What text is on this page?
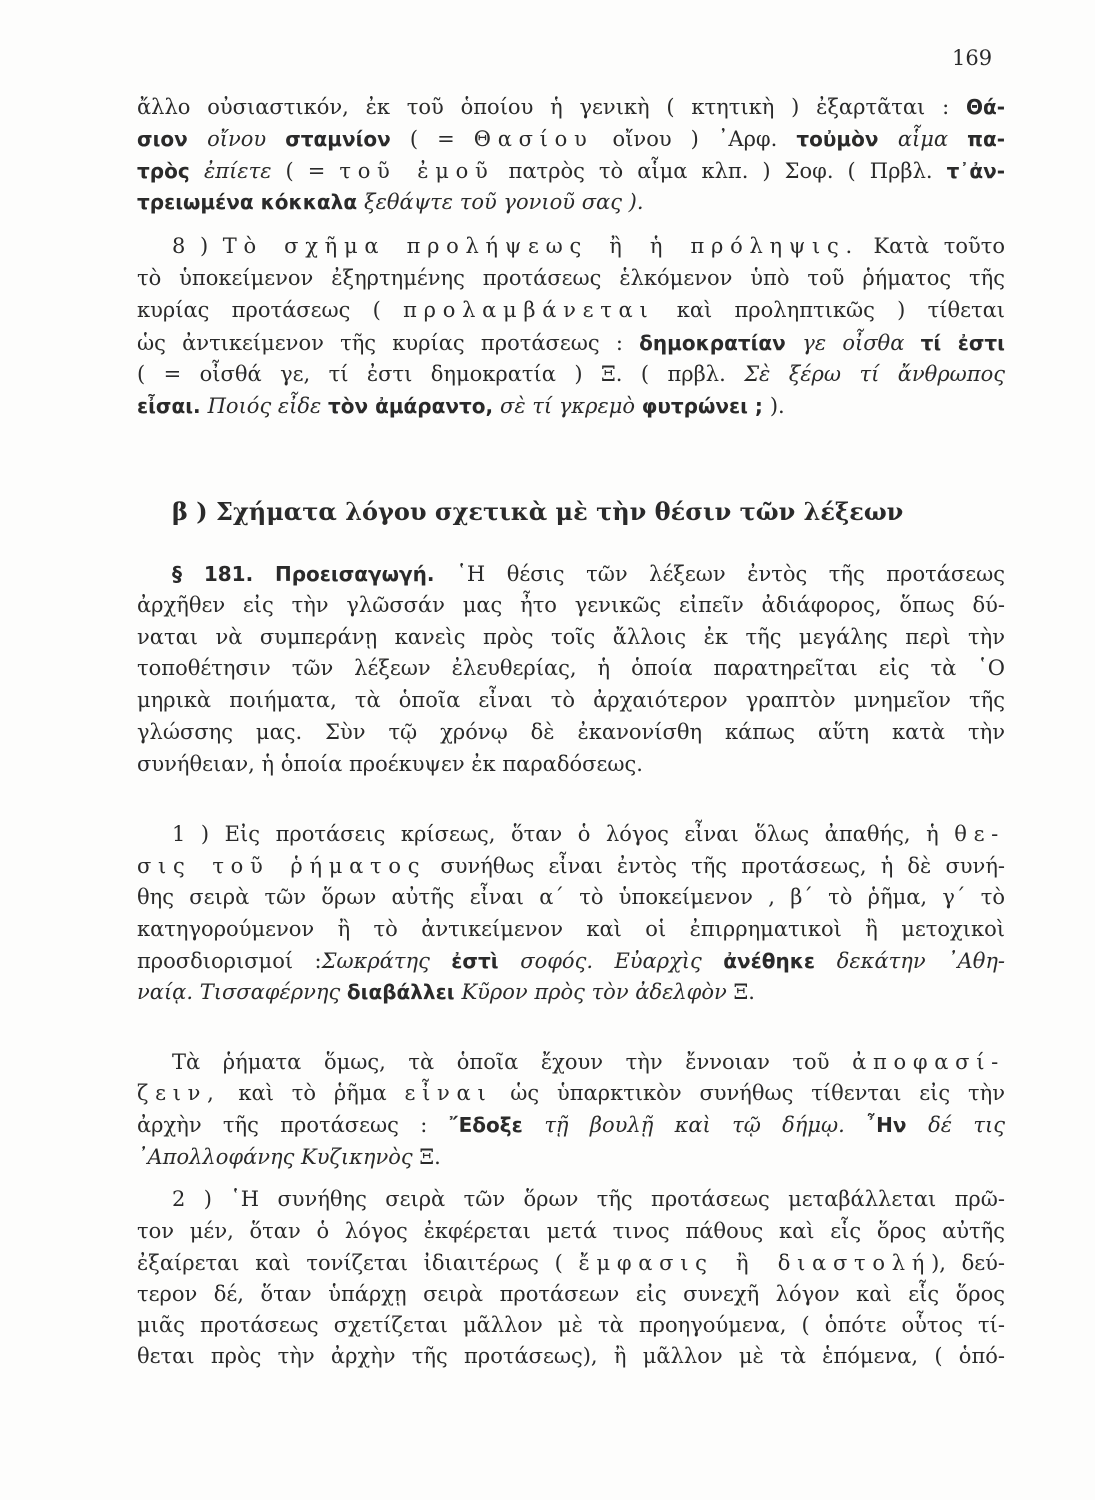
169
ἄλλο οὐσιαστικόν, ἐκ τοῦ ὁποίου ἡ γενικὴ ( κτητικὴ ) ἐξαρτᾶται : Θά-
σιον οἴνου σταμνίον ( = Θασίου οἴνου ) ᾿Αρφ. τοὐμὸν αἷμα πα-
τρὸς ἐπίετε ( = τοῦ ἐμοῦ πατρὸς τὸ αἷμα κλπ. ) Σοφ. ( Πρβλ. τ᾿ἀν-
τρειωμένα κόκκαλα ξεθάψτε τοῦ γονιοῦ σας ).
8 ) Τὸ σχῆμα προλήψεως ἢ ἡ πρόληψις. Κατὰ τοῦτο
τὸ ὑποκείμενον ἐξηρτημένης προτάσεως ἑλκόμενον ὑπὸ τοῦ ῥήματος τῆς
κυρίας προτάσεως ( προλαμβάνεται καὶ προληπτικῶς ) τίθεται
ὡς ἀντικείμενον τῆς κυρίας προτάσεως : δημοκρατίαν γε οἶσθα τί ἐστι
( = οἶσθά γε, τί ἐστι δημοκρατία ) Ξ. ( πρβλ. Σὲ ξέρω τί ἄνθρωπος
εἶσαι. Ποιός εἶδε τὸν ἀμάραντο, σὲ τί γκρεμὸ φυτρώνει ; ).
β ) Σχήματα λόγου σχετικὰ μὲ τὴν θέσιν τῶν λέξεων
§ 181. Προεισαγωγή. ῾Η θέσις τῶν λέξεων ἐντὸς τῆς προτάσεως
ἀρχῆθεν εἰς τὴν γλῶσσάν μας ἦτο γενικῶς εἰπεῖν ἀδιάφορος, ὅπως δύ-
ναται νὰ συμπεράνῃ κανεὶς πρὸς τοῖς ἄλλοις ἐκ τῆς μεγάλης περὶ τὴν
τοποθέτησιν τῶν λέξεων ἐλευθερίας, ἡ ὁποία παρατηρεῖται εἰς τὰ ῾Ο
μηρικὰ ποιήματα, τὰ ὁποῖα εἶναι τὸ ἀρχαιότερον γραπτὸν μνημεῖον τῆς
γλώσσης μας. Σὺν τῷ χρόνῳ δὲ ἐκανονίσθη κάπως αὕτη κατὰ τὴν
συνήθειαν, ἡ ὁποία προέκυψεν ἐκ παραδόσεως.
1 ) Εἰς προτάσεις κρίσεως, ὅταν ὁ λόγος εἶναι ὅλως ἀπαθής, ἡ θε-
σις τοῦ ῥήματος συνήθως εἶναι ἐντὸς τῆς προτάσεως, ἡ δὲ συνή-
θης σειρὰ τῶν ὅρων αὐτῆς εἶναι α΄ τὸ ὑποκείμενον , β΄ τὸ ῥῆμα, γ΄ τὸ
κατηγορούμενον ἢ τὸ ἀντικείμενον καὶ οἱ ἐπιρρηματικοὶ ἢ μετοχικοὶ
προσδιορισμοί :Σωκράτης ἐστὶ σοφός. Εὐαρχὶς ἀνέθηκε δεκάτην ᾿Αθη-
ναίᾳ. Τισσαφέρνης διαβάλλει Κῦρον πρὸς τὸν ἀδελφὸν Ξ.
Τὰ ῥήματα ὅμως, τὰ ὁποῖα ἔχουν τὴν ἔννοιαν τοῦ ἀποφασί-
ζειν, καὶ τὸ ῥῆμα εἶναι ὡς ὑπαρκτικὸν συνήθως τίθενται εἰς τὴν
ἀρχὴν τῆς προτάσεως : ῎Εδοξε τῇ βουλῇ καὶ τῷ δήμῳ. ῏Ην δέ τις
᾿Απολλοφάνης Κυζικηνὸς Ξ.
2 ) ῾Η συνήθης σειρὰ τῶν ὅρων τῆς προτάσεως μεταβάλλεται πρῶ-
τον μέν, ὅταν ὁ λόγος ἐκφέρεται μετά τινος πάθους καὶ εἷς ὅρος αὐτῆς
ἐξαίρεται καὶ τονίζεται ἰδιαιτέρως ( ἔμφασις ἢ διαστολή), δεύ-
τερον δέ, ὅταν ὑπάρχῃ σειρὰ προτάσεων εἰς συνεχῆ λόγον καὶ εἷς ὅρος
μιᾶς προτάσεως σχετίζεται μᾶλλον μὲ τὰ προηγούμενα, ( ὁπότε οὗτος τί-
θεται πρὸς τὴν ἀρχὴν τῆς προτάσεως), ἢ μᾶλλον μὲ τὰ ἑπόμενα, ( ὁπό-
